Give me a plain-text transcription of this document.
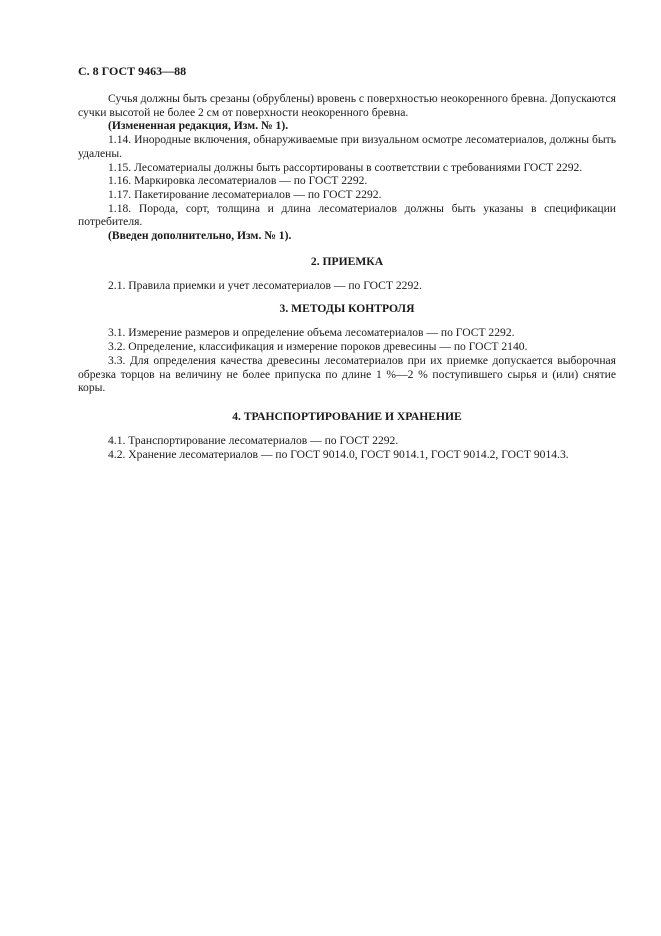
С. 8 ГОСТ 9463—88

Сучья должны быть срезаны (обрублены) вровень с поверхностью неокоренного бревна. Допускаются сучки высотой не более 2 см от поверхности неокоренного бревна.

(Измененная редакция, Изм. № 1).

1.14. Инородные включения, обнаруживаемые при визуальном осмотре лесоматериалов, должны быть удалены.

1.15. Лесоматериалы должны быть рассортированы в соответствии с требованиями ГОСТ 2292.

1.16. Маркировка лесоматериалов — по ГОСТ 2292.

1.17. Пакетирование лесоматериалов — по ГОСТ 2292.

1.18. Порода, сорт, толщина и длина лесоматериалов должны быть указаны в спецификации потребителя.

(Введен дополнительно, Изм. № 1).

2. ПРИЕМКА

2.1. Правила приемки и учет лесоматериалов — по ГОСТ 2292.

3. МЕТОДЫ КОНТРОЛЯ

3.1. Измерение размеров и определение объема лесоматериалов — по ГОСТ 2292.

3.2. Определение, классификация и измерение пороков древесины — по ГОСТ 2140.

3.3. Для определения качества древесины лесоматериалов при их приемке допускается выборочная обрезка торцов на величину не более припуска по длине 1 %—2 % поступившего сырья и (или) снятие коры.

4. ТРАНСПОРТИРОВАНИЕ И ХРАНЕНИЕ

4.1. Транспортирование лесоматериалов — по ГОСТ 2292.

4.2. Хранение лесоматериалов — по ГОСТ 9014.0, ГОСТ 9014.1, ГОСТ 9014.2, ГОСТ 9014.3.
